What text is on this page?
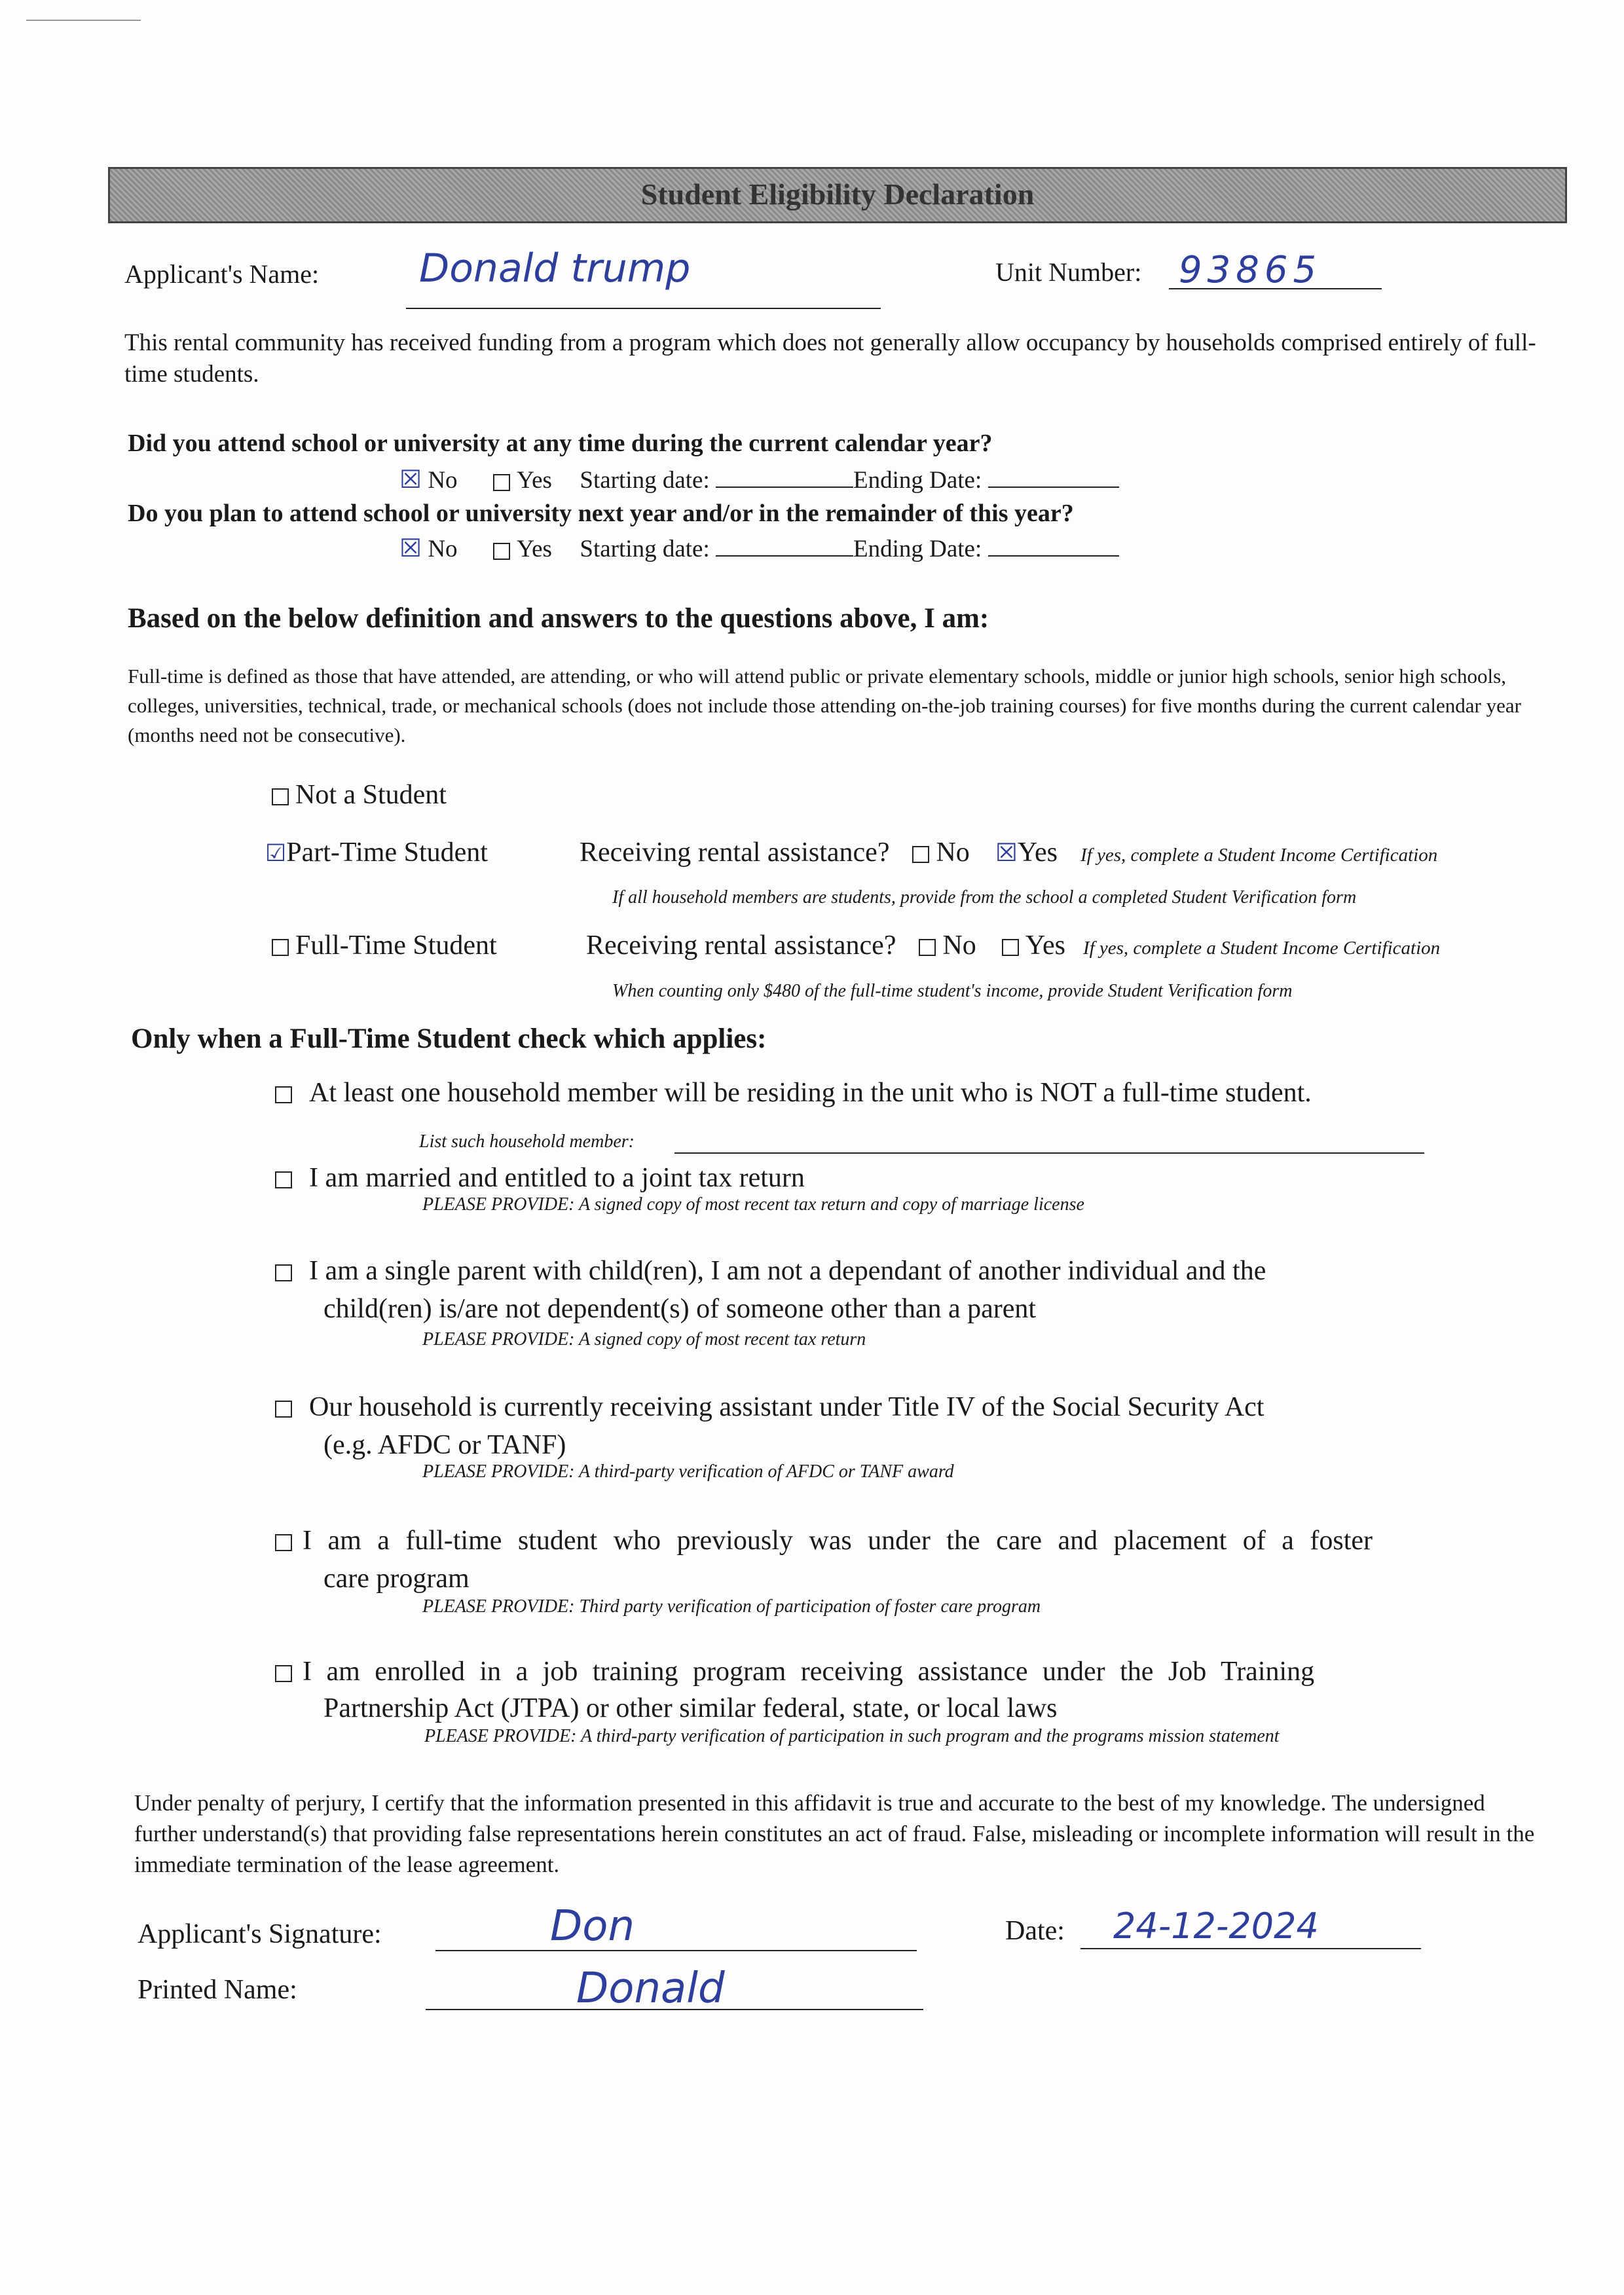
Student Eligibility Declaration
Applicant's Name:	Donald trump	Unit Number: 93865
This rental community has received funding from a program which does not generally allow occupancy by households comprised entirely of full-time students.
Did you attend school or university at any time during the current calendar year?
☒ No Yes Starting date:	Ending Date:
Do you plan to attend school or university next year and/or in the remainder of this year?
☒ No Yes Starting date:	Ending Date:
Based on the below definition and answers to the questions above, I am:
Full-time is defined as those that have attended, are attending, or who will attend public or private elementary schools, middle or junior high schools, senior high schools, colleges, universities, technical, trade, or mechanical schools (does not include those attending on-the-job training courses) for five months during the current calendar year (months need not be consecutive).
Not a Student
☑Part-Time Student	Receiving rental assistance? No ☒Yes If yes, complete a Student Income Certification
If all household members are students, provide from the school a completed Student Verification form
Full-Time Student	Receiving rental assistance? No Yes If yes, complete a Student Income Certification
When counting only $480 of the full-time student's income, provide Student Verification form
Only when a Full-Time Student check which applies:
At least one household member will be residing in the unit who is NOT a full-time student.
List such household member:
I am married and entitled to a joint tax return
PLEASE PROVIDE: A signed copy of most recent tax return and copy of marriage license
I am a single parent with child(ren), I am not a dependant of another individual and the
child(ren) is/are not dependent(s) of someone other than a parent
PLEASE PROVIDE: A signed copy of most recent tax return
Our household is currently receiving assistant under Title IV of the Social Security Act
(e.g. AFDC or TANF)
PLEASE PROVIDE: A third-party verification of AFDC or TANF award
I am a full-time student who previously was under the care and placement of a foster
care program
PLEASE PROVIDE: Third party verification of participation of foster care program
I am enrolled in a job training program receiving assistance under the Job Training
Partnership Act (JTPA) or other similar federal, state, or local laws
PLEASE PROVIDE: A third-party verification of participation in such program and the programs mission statement
Under penalty of perjury, I certify that the information presented in this affidavit is true and accurate to the best of my knowledge. The undersigned further understand(s) that providing false representations herein constitutes an act of fraud. False, misleading or incomplete information will result in the immediate termination of the lease agreement.
Applicant's Signature:	Don	Date: 24-12-2024
Printed Name:	Donald
